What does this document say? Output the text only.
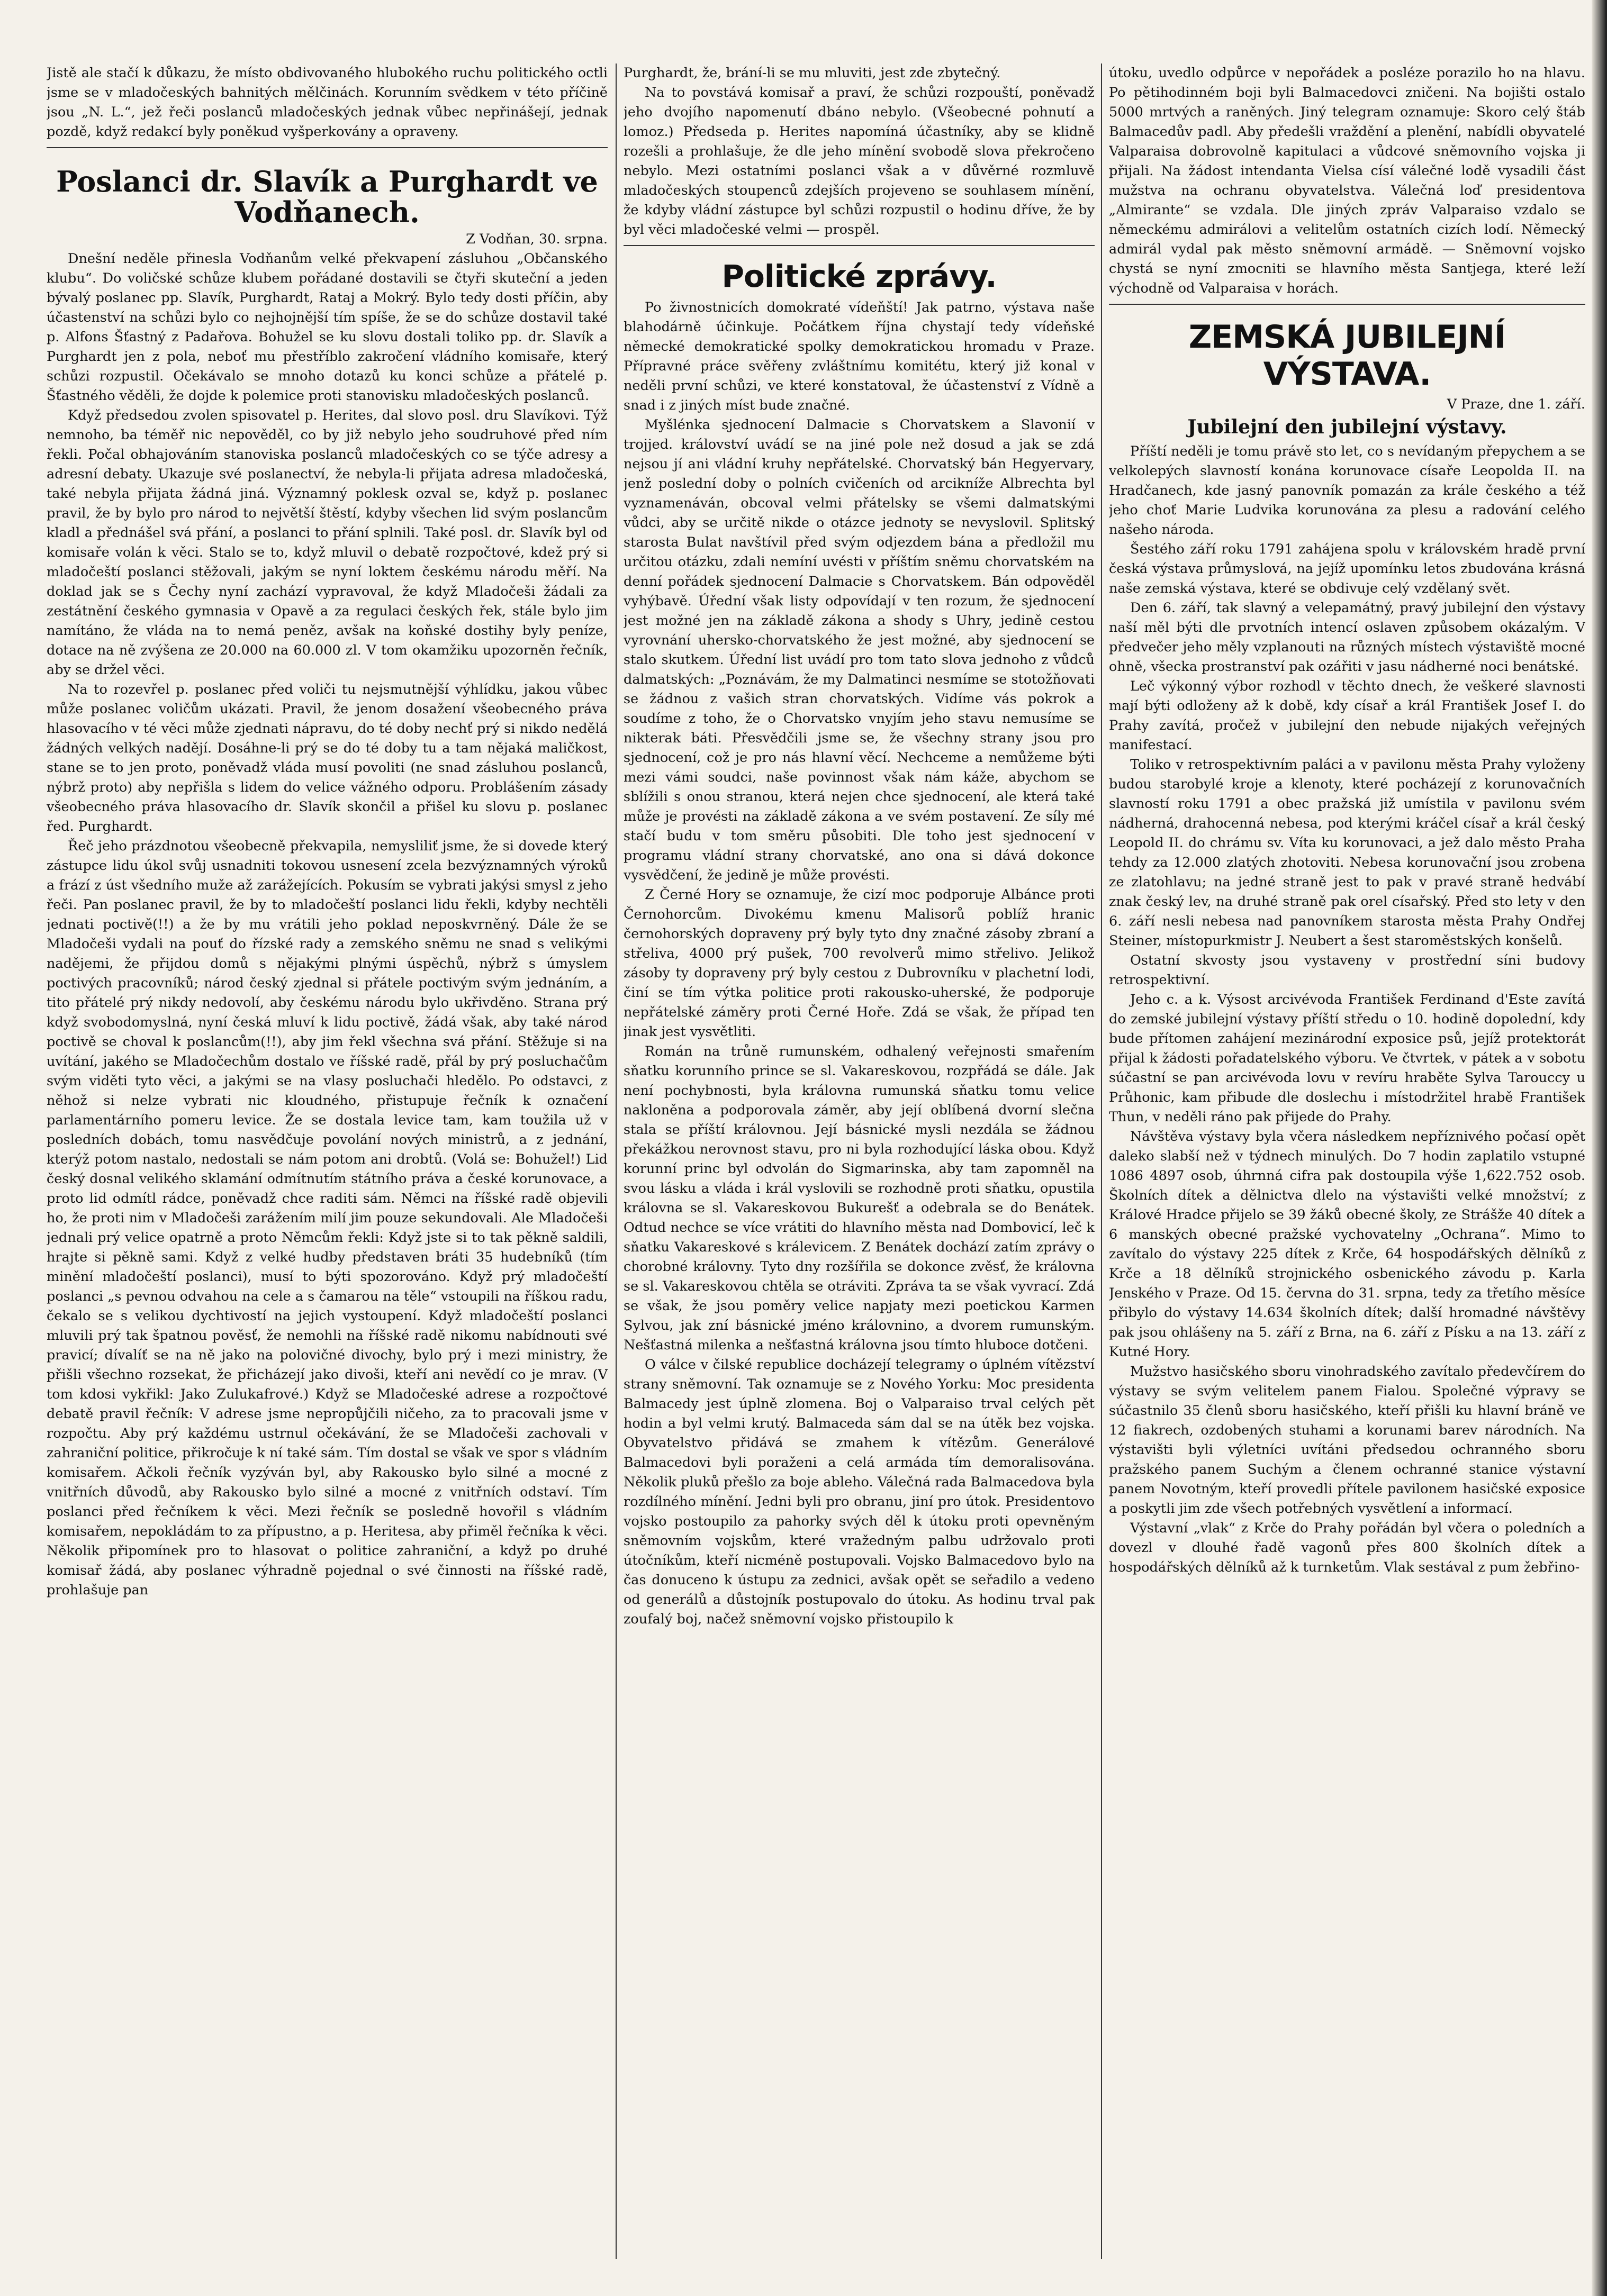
Jistě ale stačí k důkazu, že místo obdivovaného hlubokého ruchu politického octli jsme se v mladočeských bahnitých mělčinách. Korunním svědkem v této příčině jsou „N. L.“, jež řeči poslanců mladočeských jednak vůbec nepřinášejí, jednak pozdě, když redakcí byly poněkud vyšperkovány a opraveny.

Poslanci dr. Slavík a Purghardt ve Vodňanech.

Z Vodňan, 30. srpna.

Dnešní neděle přinesla Vodňanům velké překvapení zásluhou „Občanského klubu“. Do voličské schůze klubem pořádané dostavili se čtyři skuteční a jeden bývalý poslanec pp. Slavík, Purghardt, Rataj a Mokrý. Bylo tedy dosti příčin, aby účastenství na schůzi bylo co nejhojnější tím spíše, že se do schůze dostavil také p. Alfons Šťastný z Padařova. Bohužel se ku slovu dostali toliko pp. dr. Slavík a Purghardt jen z pola, neboť mu přestříblo zakročení vládního komisaře, který schůzi rozpustil. Očekávalo se mnoho dotazů ku konci schůze a přátelé p. Šťastného věděli, že dojde k polemice proti stanovisku mladočeských poslanců.

Když předsedou zvolen spisovatel p. Herites, dal slovo posl. dru Slavíkovi. Týž nemnoho, ba téměř nic nepověděl, co by již nebylo jeho soudruhové před ním řekli. Počal obhajováním stanoviska poslanců mladočeských co se týče adresy a adresní debaty. Ukazuje své poslanectví, že nebyla-li přijata adresa mladočeská, také nebyla přijata žádná jiná. Významný poklesk ozval se, když p. poslanec pravil, že by bylo pro národ to největší štěstí, kdyby všechen lid svým poslancům kladl a přednášel svá přání, a poslanci to přání splnili. Také posl. dr. Slavík byl od komisaře volán k věci. Stalo se to, když mluvil o debatě rozpočtové, kdež prý si mladočeští poslanci stěžovali, jakým se nyní loktem českému národu měří. Na doklad jak se s Čechy nyní zachází vypravoval, že když Mladočeši žádali za zestátnění českého gymnasia v Opavě a za regulaci českých řek, stále bylo jim namítáno, že vláda na to nemá peněz, avšak na koňské dostihy byly peníze, dotace na ně zvýšena ze 20.000 na 60.000 zl. V tom okamžiku upozorněn řečník, aby se držel věci.

Na to rozevřel p. poslanec před voliči tu nejsmutnější výhlídku, jakou vůbec může poslanec voličům ukázati. Pravil, že jenom dosažení všeobecného práva hlasovacího v té věci může zjednati nápravu, do té doby nechť prý si nikdo nedělá žádných velkých nadějí. Dosáhne-li prý se do té doby tu a tam nějaká maličkost, stane se to jen proto, poněvadž vláda musí povoliti (ne snad zásluhou poslanců, nýbrž proto) aby nepřišla s lidem do velice vážného odporu. Problášením zásady všeobecného práva hlasovacího dr. Slavík skončil a přišel ku slovu p. poslanec řed. Purghardt.

Řeč jeho prázdnotou všeobecně překvapila, nemysliliť jsme, že si dovede který zástupce lidu úkol svůj usnadniti tokovou usnesení zcela bezvýznamných výroků a frází z úst všedního muže až zarážejících. Pokusím se vybrati jakýsi smysl z jeho řeči. Pan poslanec pravil, že by to mladočeští poslanci lidu řekli, kdyby nechtěli jednati poctivě(!!) a že by mu vrátili jeho poklad neposkvrněný. Dále že se Mladočeši vydali na pouť do řízské rady a zemského sněmu ne snad s velikými nadějemi, že přijdou domů s nějakými plnými úspěchů, nýbrž s úmyslem poctivých pracovníků; národ český zjednal si přátele poctivým svým jednáním, a tito přátelé prý nikdy nedovolí, aby českému národu bylo ukřivděno. Strana prý když svobodomyslná, nyní česká mluví k lidu poctivě, žádá však, aby také národ poctivě se choval k poslancům(!!), aby jim řekl všechna svá přání. Stěžuje si na uvítání, jakého se Mladočechům dostalo ve říšské radě, přál by prý posluchačům svým viděti tyto věci, a jakými se na vlasy posluchači hledělo. Po odstavci, z něhož si nelze vybrati nic kloudného, přistupuje řečník k označení parlamentárního pomeru levice. Že se dostala levice tam, kam toužila už v posledních dobách, tomu nasvědčuje povolání nových ministrů, a z jednání, kterýž potom nastalo, nedostali se nám potom ani drobtů. (Volá se: Bohužel!) Lid český dosnal velikého sklamání odmítnutím státního práva a české korunovace, a proto lid odmítl rádce, poněvadž chce raditi sám. Němci na říšské radě objevili ho, že proti nim v Mladočeši zarážením milí jim pouze sekundovali. Ale Mladočeši jednali prý velice opatrně a proto Němcům řekli: Když jste si to tak pěkně saldili, hrajte si pěkně sami. Když z velké hudby představen bráti 35 hudebníků (tím minění mladočeští poslanci), musí to býti spozorováno. Když prý mladočeští poslanci „s pevnou odvahou na cele a s čamarou na těle“ vstoupili na říškou radu, čekalo se s velikou dychtivostí na jejich vystoupení. Když mladočeští poslanci mluvili prý tak špatnou pověsť, že nemohli na říšské radě nikomu nabídnouti své pravicí; dívalíť se na ně jako na polovičné divochy, bylo prý i mezi ministry, že přišli všechno rozsekat, že přicházejí jako divoši, kteří ani nevědí co je mrav. (V tom kdosi vykřikl: Jako Zulukafrové.) Když se Mladočeské adrese a rozpočtové debatě pravil řečník: V adrese jsme nepropůjčili ničeho, za to pracovali jsme v rozpočtu. Aby prý každému ustrnul očekávání, že se Mladočeši zachovali v zahraniční politice, přikročuje k ní také sám. Tím dostal se však ve spor s vládním komisařem. Ačkoli řečník vyzýván byl, aby Rakousko bylo silné a mocné z vnitřních důvodů, aby Rakousko bylo silné a mocné z vnitřních odstaví. Tím poslanci před řečníkem k věci. Mezi řečník se posledně hovořil s vládním komisařem, nepokládám to za přípustno, a p. Heritesa, aby přiměl řečníka k věci. Několik připomínek pro to hlasovat o politice zahraniční, a když po druhé komisař žádá, aby poslanec výhradně pojednal o své činnosti na říšské radě, prohlašuje pan

Purghardt, že, brání-li se mu mluviti, jest zde zbytečný.

Na to povstává komisař a praví, že schůzi rozpouští, poněvadž jeho dvojího napomenutí dbáno nebylo. (Všeobecné pohnutí a lomoz.) Předseda p. Herites napomíná účastníky, aby se klidně rozešli a prohlašuje, že dle jeho mínění svobodě slova překročeno nebylo. Mezi ostatními poslanci však a v důvěrné rozmluvě mladočeských stoupenců zdejších projeveno se souhlasem mínění, že kdyby vládní zástupce byl schůzi rozpustil o hodinu dříve, že by byl věci mladočeské velmi — prospěl.

Politické zprávy.

Po živnostnicích domokraté vídeňští! Jak patrno, výstava naše blahodárně účinkuje. Počátkem října chystají tedy vídeňské německé demokratické spolky demokratickou hromadu v Praze. Přípravné práce svěřeny zvláštnímu komitétu, který již konal v neděli první schůzi, ve které konstatoval, že účastenství z Vídně a snad i z jiných míst bude značné.

Myšlénka sjednocení Dalmacie s Chorvatskem a Slavonií v trojjed. království uvádí se na jiné pole než dosud a jak se zdá nejsou jí ani vládní kruhy nepřátelské. Chorvatský bán Hegyervary, jenž poslední doby o polních cvičeních od arcikníže Albrechta byl vyznamenáván, obcoval velmi přátelsky se všemi dalmatskými vůdci, aby se určitě nikde o otázce jednoty se nevyslovil. Splitský starosta Bulat navštívil před svým odjezdem bána a předložil mu určitou otázku, zdali nemíní uvésti v příštím sněmu chorvatském na denní pořádek sjednocení Dalmacie s Chorvatskem. Bán odpověděl vyhýbavě. Úřední však listy odpovídají v ten rozum, že sjednocení jest možné jen na základě zákona a shody s Uhry, jedině cestou vyrovnání uhersko-chorvatského že jest možné, aby sjednocení se stalo skutkem. Úřední list uvádí pro tom tato slova jednoho z vůdců dalmatských: „Poznávám, že my Dalmatinci nesmíme se stotožňovati se žádnou z vašich stran chorvatských. Vidíme vás pokrok a soudíme z toho, že o Chorvatsko vnyjím jeho stavu nemusíme se nikterak báti. Přesvědčili jsme se, že všechny strany jsou pro sjednocení, což je pro nás hlavní věcí. Nechceme a nemůžeme býti mezi vámi soudci, naše povinnost však nám káže, abychom se sblížili s onou stranou, která nejen chce sjednocení, ale která také může je provésti na základě zákona a ve svém postavení. Ze síly mé stačí budu v tom směru působiti. Dle toho jest sjednocení v programu vládní strany chorvatské, ano ona si dává dokonce vysvědčení, že jedině je může provésti.

Z Černé Hory se oznamuje, že cizí moc podporuje Albánce proti Černohorcům. Divokému kmenu Malisorů poblíž hranic černohorských dopraveny prý byly tyto dny značné zásoby zbraní a střeliva, 4000 prý pušek, 700 revolverů mimo střelivo. Jelikož zásoby ty dopraveny prý byly cestou z Dubrovníku v plachetní lodi, činí se tím výtka politice proti rakousko-uherské, že podporuje nepřátelské záměry proti Černé Hoře. Zdá se však, že případ ten jinak jest vysvětliti.

Román na trůně rumunském, odhalený veřejnosti smařením sňatku korunního prince se sl. Vakareskovou, rozpřádá se dále. Jak není pochybnosti, byla královna rumunská sňatku tomu velice nakloněna a podporovala záměr, aby její oblíbená dvorní slečna stala se příští královnou. Její básnické mysli nezdála se žádnou překážkou nerovnost stavu, pro ni byla rozhodující láska obou. Když korunní princ byl odvolán do Sigmarinska, aby tam zapomněl na svou lásku a vláda i král vyslovili se rozhodně proti sňatku, opustila královna se sl. Vakareskovou Bukurešť a odebrala se do Benátek. Odtud nechce se více vrátiti do hlavního města nad Dombovicí, leč k sňatku Vakareskové s králevicem. Z Benátek dochází zatím zprávy o chorobné královny. Tyto dny rozšířila se dokonce zvěsť, že královna se sl. Vakareskovou chtěla se otráviti. Zpráva ta se však vyvrací. Zdá se však, že jsou poměry velice napjaty mezi poetickou Karmen Sylvou, jak zní básnické jméno královnino, a dvorem rumunským. Nešťastná milenka a nešťastná královna jsou tímto hluboce dotčeni.

O válce v čilské republice docházejí telegramy o úplném vítězství strany sněmovní. Tak oznamuje se z Nového Yorku: Moc presidenta Balmacedy jest úplně zlomena. Boj o Valparaiso trval celých pět hodin a byl velmi krutý. Balmaceda sám dal se na útěk bez vojska. Obyvatelstvo přidává se zmahem k vítězům. Generálové Balmacedovi byli poraženi a celá armáda tím demoralisována. Několik pluků přešlo za boje ableho. Válečná rada Balmacedova byla rozdílného mínění. Jedni byli pro obranu, jiní pro útok. Presidentovo vojsko postoupilo za pahorky svých děl k útoku proti opevněným sněmovním vojskům, které vražedným palbu udržovalo proti útočníkům, kteří nicméně postupovali. Vojsko Balmacedovo bylo na čas donuceno k ústupu za zednici, avšak opět se seřadilo a vedeno od generálů a důstojník postupovalo do útoku. As hodinu trval pak zoufalý boj, načež sněmovní vojsko přistoupilo k

útoku, uvedlo odpůrce v nepořádek a posléze porazilo ho na hlavu. Po pětihodinném boji byli Balmacedovci zničeni. Na bojišti ostalo 5000 mrtvých a raněných. Jiný telegram oznamuje: Skoro celý štáb Balmacedův padl. Aby předešli vraždění a plenění, nabídli obyvatelé Valparaisa dobrovolně kapitulaci a vůdcové sněmovního vojska ji přijali. Na žádost intendanta Vielsa císí válečné lodě vysadili část mužstva na ochranu obyvatelstva. Válečná loď presidentova „Almirante“ se vzdala. Dle jiných zpráv Valparaiso vzdalo se německému admirálovi a velitelům ostatních cizích lodí. Německý admirál vydal pak město sněmovní armádě. — Sněmovní vojsko chystá se nyní zmocniti se hlavního města Santjega, které leží východně od Valparaisa v horách.

ZEMSKÁ JUBILEJNÍ VÝSTAVA.

V Praze, dne 1. září.

Jubilejní den jubilejní výstavy.

Příští neděli je tomu právě sto let, co s nevídaným přepychem a se velkolepých slavností konána korunovace císaře Leopolda II. na Hradčanech, kde jasný panovník pomazán za krále českého a též jeho choť Marie Ludvika korunována za plesu a radování celého našeho národa.

Šestého září roku 1791 zahájena spolu v královském hradě první česká výstava průmyslová, na jejíž upomínku letos zbudována krásná naše zemská výstava, které se obdivuje celý vzdělaný svět.

Den 6. září, tak slavný a velepamátný, pravý jubilejní den výstavy naší měl býti dle prvotních intencí oslaven způsobem okázalým. V předvečer jeho měly vzplanouti na různých místech výstaviště mocné ohně, všecka prostranství pak ozářiti v jasu nádherné noci benátské.

Leč výkonný výbor rozhodl v těchto dnech, že veškeré slavnosti mají býti odloženy až k době, kdy císař a král František Josef I. do Prahy zavítá, pročež v jubilejní den nebude nijakých veřejných manifestací.

Toliko v retrospektivním paláci a v pavilonu města Prahy vyloženy budou starobylé kroje a klenoty, které pocházejí z korunovačních slavností roku 1791 a obec pražská již umístila v pavilonu svém nádherná, drahocenná nebesa, pod kterými kráčel císař a král český Leopold II. do chrámu sv. Víta ku korunovaci, a jež dalo město Praha tehdy za 12.000 zlatých zhotoviti. Nebesa korunovační jsou zrobena ze zlatohlavu; na jedné straně jest to pak v pravé straně hedvábí znak český lev, na druhé straně pak orel císařský. Před sto lety v den 6. září nesli nebesa nad panovníkem starosta města Prahy Ondřej Steiner, místopurkmistr J. Neubert a šest staroměstských konšelů.

Ostatní skvosty jsou vystaveny v prostřední síni budovy retrospektivní.

Jeho c. a k. Výsost arcivévoda František Ferdinand d'Este zavítá do zemské jubilejní výstavy příští středu o 10. hodině dopolední, kdy bude přítomen zahájení mezinárodní exposice psů, jejíž protektorát přijal k žádosti pořadatelského výboru. Ve čtvrtek, v pátek a v sobotu súčastní se pan arcivévoda lovu v revíru hraběte Sylva Tarouccy u Průhonic, kam přibude dle doslechu i místodržitel hrabě František Thun, v neděli ráno pak přijede do Prahy.

Návštěva výstavy byla včera následkem nepříznivého počasí opět daleko slabší než v týdnech minulých. Do 7 hodin zaplatilo vstupné 1086 4897 osob, úhrnná cifra pak dostoupila výše 1,622.752 osob. Školních dítek a dělnictva dlelo na výstavišti velké množství; z Králové Hradce přijelo se 39 žáků obecné školy, ze Strášže 40 dítek a 6 manských obecné pražské vychovatelny „Ochrana“. Mimo to zavítalo do výstavy 225 dítek z Krče, 64 hospodářských dělníků z Krče a 18 dělníků strojnického osbenického závodu p. Karla Jenského v Praze. Od 15. června do 31. srpna, tedy za třetího měsíce přibylo do výstavy 14.634 školních dítek; další hromadné návštěvy pak jsou ohlášeny na 5. září z Brna, na 6. září z Písku a na 13. září z Kutné Hory.

Mužstvo hasičského sboru vinohradského zavítalo předevčírem do výstavy se svým velitelem panem Fialou. Společné výpravy se súčastnilo 35 členů sboru hasičského, kteří přišli ku hlavní bráně ve 12 fiakrech, ozdobených stuhami a korunami barev národních. Na výstavišti byli výletníci uvítáni předsedou ochranného sboru pražského panem Suchým a členem ochranné stanice výstavní panem Novotným, kteří provedli přítele pavilonem hasičské exposice a poskytli jim zde všech potřebných vysvětlení a informací.

Výstavní „vlak“ z Krče do Prahy pořádán byl včera o poledních a dovezl v dlouhé řadě vagonů přes 800 školních dítek a hospodářských dělníků až k turnketům. Vlak sestával z pum žebřino-
